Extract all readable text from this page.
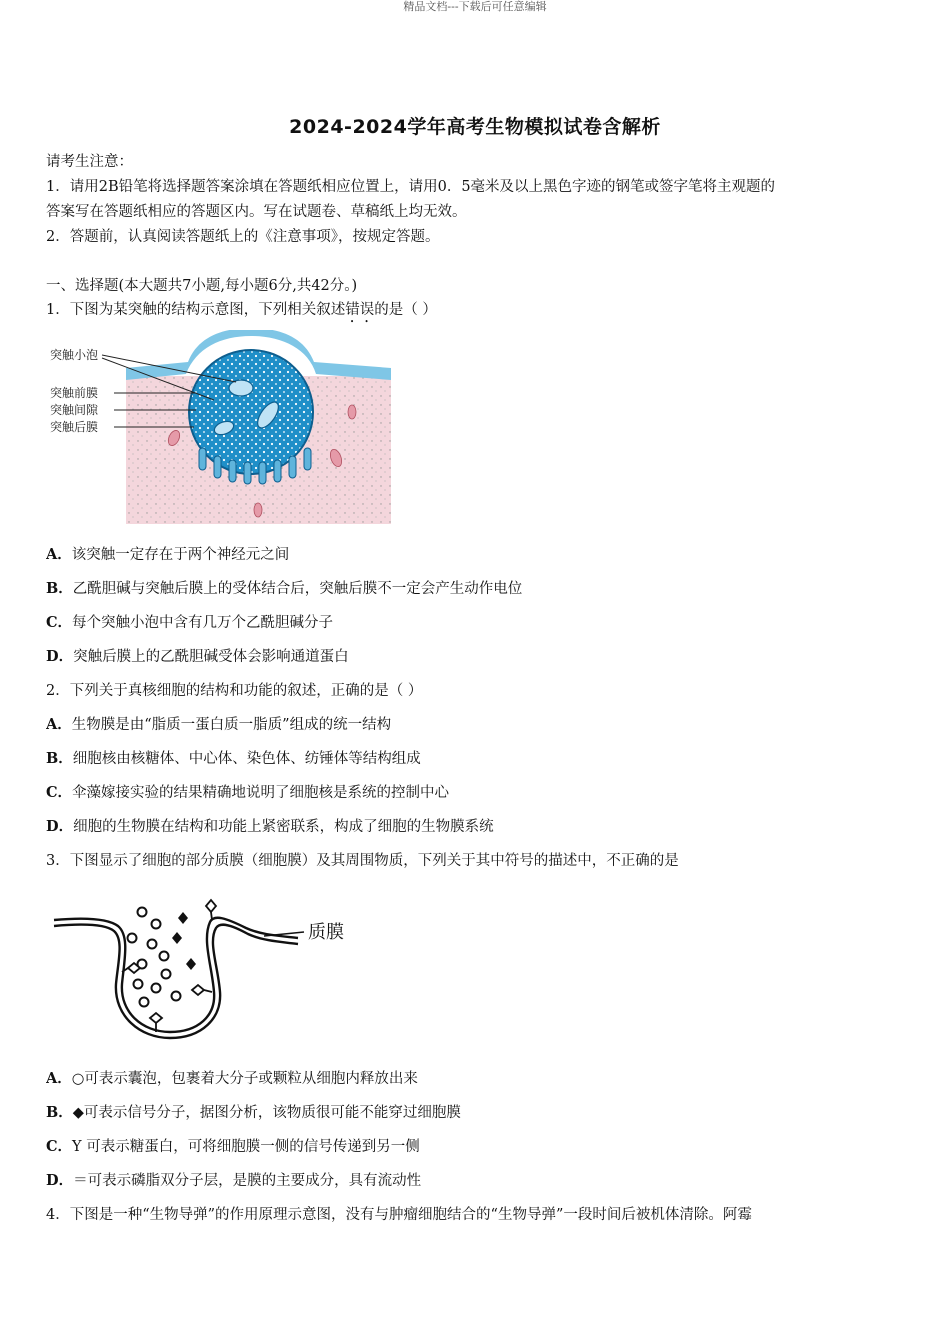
精品文档---下载后可任意编辑
2024-2024学年高考生物模拟试卷含解析
请考生注意：
1．请用2B铅笔将选择题答案涂填在答题纸相应位置上，请用0．5毫米及以上黑色字迹的钢笔或签字笔将主观题的
答案写在答题纸相应的答题区内。写在试题卷、草稿纸上均无效。
2．答题前，认真阅读答题纸上的《注意事项》，按规定答题。
一、选择题(本大题共7小题,每小题6分,共42分。)
1．下图为某突触的结构示意图，下列相关叙述错误的是（ ）
突触小泡
突触前膜
突触间隙
突触后膜
A．该突触一定存在于两个神经元之间
B．乙酰胆碱与突触后膜上的受体结合后，突触后膜不一定会产生动作电位
C．每个突触小泡中含有几万个乙酰胆碱分子
D．突触后膜上的乙酰胆碱受体会影响通道蛋白
2．下列关于真核细胞的结构和功能的叙述，正确的是（ ）
A．生物膜是由“脂质一蛋白质一脂质”组成的统一结构
B．细胞核由核糖体、中心体、染色体、纺锤体等结构组成
C．伞藻嫁接实验的结果精确地说明了细胞核是系统的控制中心
D．细胞的生物膜在结构和功能上紧密联系，构成了细胞的生物膜系统
3．下图显示了细胞的部分质膜（细胞膜）及其周围物质，下列关于其中符号的描述中，不正确的是
质膜
A．○可表示囊泡，包裹着大分子或颗粒从细胞内释放出来
B．◆可表示信号分子，据图分析，该物质很可能不能穿过细胞膜
C．Y 可表示糖蛋白，可将细胞膜一侧的信号传递到另一侧
D．＝可表示磷脂双分子层，是膜的主要成分，具有流动性
4．下图是一种“生物导弹”的作用原理示意图，没有与肿瘤细胞结合的“生物导弹”一段时间后被机体清除。阿霉
